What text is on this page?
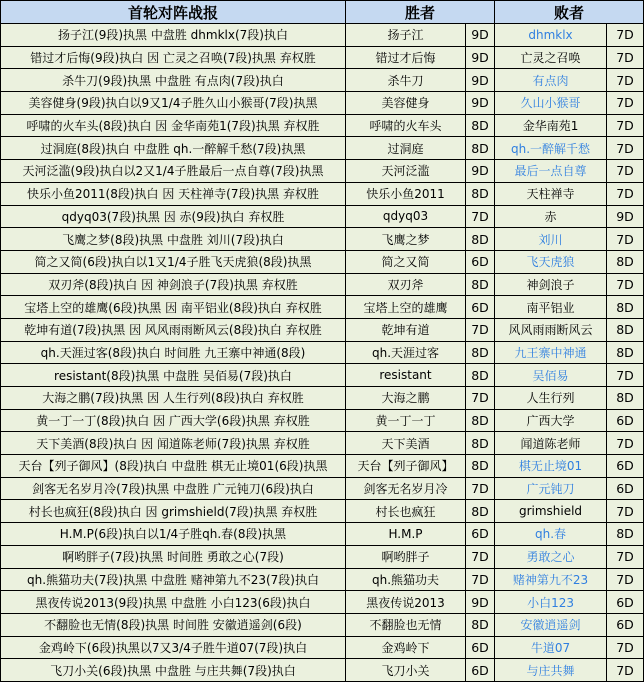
首轮对阵战报	胜者		败者	
扬子江(9段)执黑 中盘胜 dhmklx(7段)执白	扬子江	9D	dhmklx	7D
错过才后悔(9段)执白 因 亡灵之召唤(7段)执黑 弃权胜	错过才后悔	9D	亡灵之召唤	7D
杀牛刀(9段)执黑 中盘胜 有点肉(7段)执白	杀牛刀	9D	有点肉	7D
美容健身(9段)执白以9又1/4子胜久山小猴哥(7段)执黑	美容健身	9D	久山小猴哥	7D
呼啸的火车头(8段)执白 因 金华南苑1(7段)执黑 弃权胜	呼啸的火车头	8D	金华南苑1	7D
过洞庭(8段)执白 中盘胜 qh.一醉解千愁(7段)执黑	过洞庭	8D	qh.一醉解千愁	7D
天河泛滥(9段)执白以2又1/4子胜最后一点自尊(7段)执黑	天河泛滥	9D	最后一点自尊	7D
快乐小鱼2011(8段)执白 因 天柱禅寺(7段)执黑 弃权胜	快乐小鱼2011	8D	天柱禅寺	7D
qdyq03(7段)执黑 因 赤(9段)执白 弃权胜	qdyq03	7D	赤	9D
飞鹰之梦(8段)执黑 中盘胜 刘川(7段)执白	飞鹰之梦	8D	刘川	7D
简之又简(6段)执白以1又1/4子胜飞天虎狼(8段)执黑	简之又简	6D	飞天虎狼	8D
双刃斧(8段)执白 因 神剑浪子(7段)执黑 弃权胜	双刃斧	8D	神剑浪子	7D
宝塔上空的雄鹰(6段)执黑 因 南平铝业(8段)执白 弃权胜	宝塔上空的雄鹰	6D	南平铝业	8D
乾坤有道(7段)执黑 因 风风雨雨断风云(8段)执白 弃权胜	乾坤有道	7D	风风雨雨断风云	8D
qh.天涯过客(8段)执白 时间胜 九王寨中神通(8段)	qh.天涯过客	8D	九王寨中神通	8D
resistant(8段)执黑 中盘胜 吴佰易(7段)执白	resistant	8D	吴佰易	7D
大海之鹏(7段)执黑 因 人生行列(8段)执白 弃权胜	大海之鹏	7D	人生行列	8D
黄一丁一丁(8段)执白 因 广西大学(6段)执黑 弃权胜	黄一丁一丁	8D	广西大学	6D
天下美酒(8段)执白 因 闻道陈老师(7段)执黑 弃权胜	天下美酒	8D	闻道陈老师	7D
天台【列子御风】(8段)执白 中盘胜 棋无止境01(6段)执黑	天台【列子御风】	8D	棋无止境01	6D
剑客无名岁月冷(7段)执黑 中盘胜 广元钝刀(6段)执白	剑客无名岁月冷	7D	广元钝刀	6D
村长也疯狂(8段)执白 因 grimshield(7段)执黑 弃权胜	村长也疯狂	8D	grimshield	7D
H.M.P(6段)执白以1/4子胜qh.春(8段)执黑	H.M.P	6D	qh.春	8D
啊哟胖子(7段)执黑 时间胜 勇敢之心(7段)	啊哟胖子	7D	勇敢之心	7D
qh.熊猫功夫(7段)执黑 中盘胜 赌神第九不23(7段)执白	qh.熊猫功夫	7D	赌神第九不23	7D
黑夜传说2013(9段)执黑 中盘胜 小白123(6段)执白	黑夜传说2013	9D	小白123	6D
不翻脸也无情(8段)执黑 时间胜 安徽逍遥剑(6段)	不翻脸也无情	8D	安徽逍遥剑	6D
金鸡岭下(6段)执黑以7又3/4子胜牛道07(7段)执白	金鸡岭下	6D	牛道07	7D
飞刀小关(6段)执黑 中盘胜 与庄共舞(7段)执白	飞刀小关	6D	与庄共舞	7D
